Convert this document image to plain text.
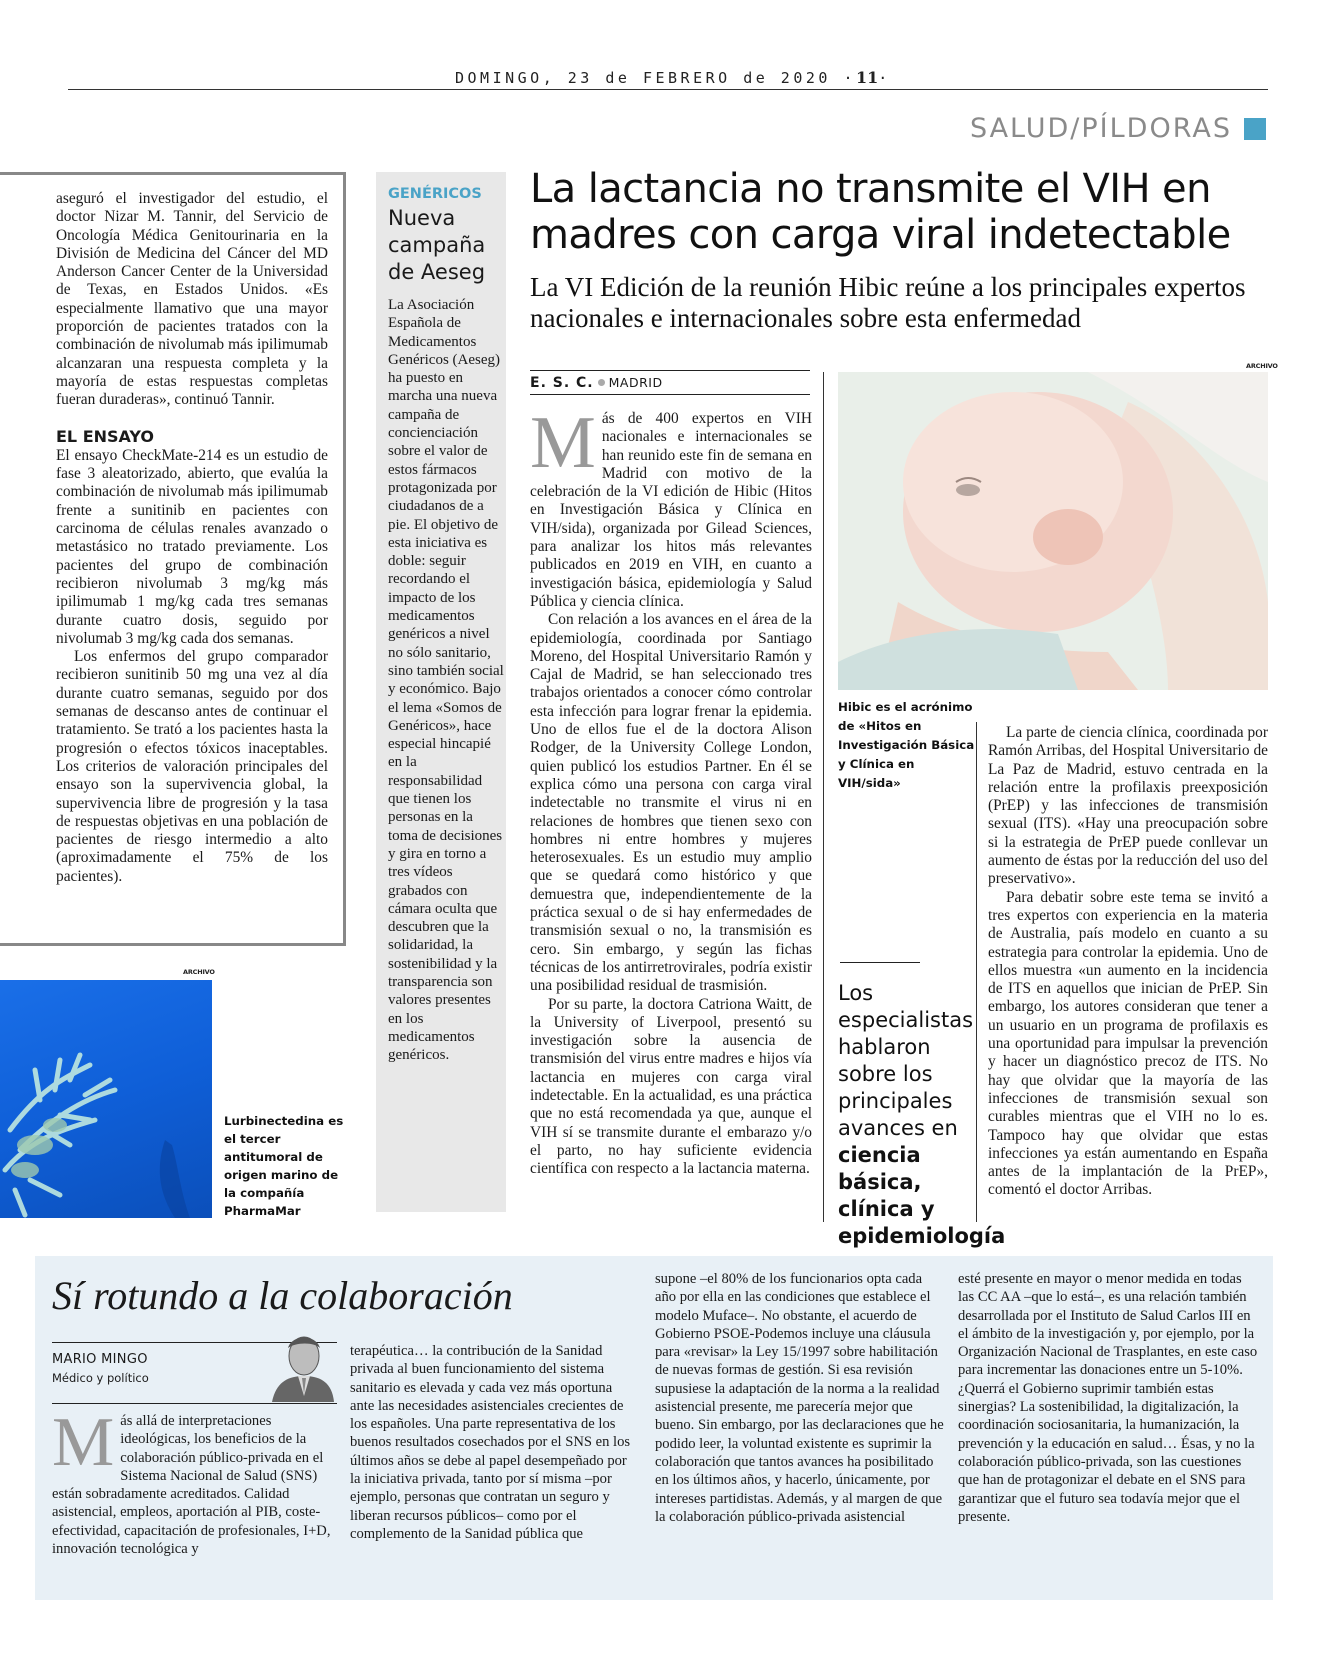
DOMINGO, 23 de FEBRERO de 2020 ·11·
SALUD/PÍLDORAS

aseguró el investigador del estudio, el doctor Nizar M. Tannir, del Servicio de Oncología Médica Genitourinaria en la División de Medicina del Cáncer del MD Anderson Cancer Center de la Universidad de Texas, en Estados Unidos. «Es especialmente llamativo que una mayor proporción de pacientes tratados con la combinación de nivolumab más ipilimumab alcanzaran una respuesta completa y la mayoría de estas respuestas completas fueran duraderas», continuó Tannir.

EL ENSAYO

El ensayo CheckMate-214 es un estudio de fase 3 aleatorizado, abierto, que evalúa la combinación de nivolumab más ipilimumab frente a sunitinib en pacientes con carcinoma de células renales avanzado o metastásico no tratado previamente. Los pacientes del grupo de combinación recibieron nivolumab 3 mg/kg más ipilimumab 1 mg/kg cada tres semanas durante cuatro dosis, seguido por nivolumab 3 mg/kg cada dos semanas.

Los enfermos del grupo comparador recibieron sunitinib 50 mg una vez al día durante cuatro semanas, seguido por dos semanas de descanso antes de continuar el tratamiento. Se trató a los pacientes hasta la progresión o efectos tóxicos inaceptables. Los criterios de valoración principales del ensayo son la supervivencia global, la supervivencia libre de progresión y la tasa de respuestas objetivas en una población de pacientes de riesgo intermedio a alto (aproximadamente el 75% de los pacientes).

ARCHIVO
Lurbinectedina es el tercer antitumoral de origen marino de la compañía PharmaMar
GENÉRICOS
Nueva campaña de Aeseg
La Asociación Española de Medicamentos Genéricos (Aeseg) ha puesto en marcha una nueva campaña de concienciación sobre el valor de estos fármacos protagonizada por ciudadanos de a pie. El objetivo de esta iniciativa es doble: seguir recordando el impacto de los medicamentos genéricos a nivel no sólo sanitario, sino también social y económico. Bajo el lema «Somos de Genéricos», hace especial hincapié en la responsabilidad que tienen los personas en la toma de decisiones y gira en torno a tres vídeos grabados con cámara oculta que descubren que la solidaridad, la sostenibilidad y la transparencia son valores presentes en los medicamentos genéricos.
La lactancia no transmite el VIH en madres con carga viral indetectable
La VI Edición de la reunión Hibic reúne a los principales expertos nacionales e internacionales sobre esta enfermedad
E. S. C. MADRID

Más de 400 expertos en VIH nacionales e internacionales se han reunido este fin de semana en Madrid con motivo de la celebración de la VI edición de Hibic (Hitos en Investigación Básica y Clínica en VIH/sida), organizada por Gilead Sciences, para analizar los hitos más relevantes publicados en 2019 en VIH, en cuanto a investigación básica, epidemiología y Salud Pública y ciencia clínica.

Con relación a los avances en el área de la epidemiología, coordinada por Santiago Moreno, del Hospital Universitario Ramón y Cajal de Madrid, se han seleccionado tres trabajos orientados a conocer cómo controlar esta infección para lograr frenar la epidemia. Uno de ellos fue el de la doctora Alison Rodger, de la University College London, quien publicó los estudios Partner. En él se explica cómo una persona con carga viral indetectable no transmite el virus ni en relaciones de hombres que tienen sexo con hombres ni entre hombres y mujeres heterosexuales. Es un estudio muy amplio que se quedará como histórico y que demuestra que, independientemente de la práctica sexual o de si hay enfermedades de transmisión sexual o no, la transmisión es cero. Sin embargo, y según las fichas técnicas de los antirretrovirales, podría existir una posibilidad residual de trasmisión.

Por su parte, la doctora Catriona Waitt, de la University of Liverpool, presentó su investigación sobre la ausencia de transmisión del virus entre madres e hijos vía lactancia en mujeres con carga viral indetectable. En la actualidad, es una práctica que no está recomendada ya que, aunque el VIH sí se transmite durante el embarazo y/o el parto, no hay suficiente evidencia científica con respecto a la lactancia materna.

ARCHIVO
Hibic es el acrónimo de «Hitos en Investigación Básica y Clínica en VIH/sida»
Los especialistas hablaron sobre los principales avances en ciencia básica, clínica y epidemiología

La parte de ciencia clínica, coordinada por Ramón Arribas, del Hospital Universitario de La Paz de Madrid, estuvo centrada en la relación entre la profilaxis preexposición (PrEP) y las infecciones de transmisión sexual (ITS). «Hay una preocupación sobre si la estrategia de PrEP puede conllevar un aumento de éstas por la reducción del uso del preservativo».

Para debatir sobre este tema se invitó a tres expertos con experiencia en la materia de Australia, país modelo en cuanto a su estrategia para controlar la epidemia. Uno de ellos muestra «un aumento en la incidencia de ITS en aquellos que inician de PrEP. Sin embargo, los autores consideran que tener a un usuario en un programa de profilaxis es una oportunidad para impulsar la prevención y hacer un diagnóstico precoz de ITS. No hay que olvidar que la mayoría de las infecciones de transmisión sexual son curables mientras que el VIH no lo es. Tampoco hay que olvidar que estas infecciones ya están aumentando en España antes de la implantación de la PrEP», comentó el doctor Arribas.

Sí rotundo a la colaboración
MARIO MINGO
Médico y político

Más allá de interpretaciones ideológicas, los beneficios de la colaboración público-privada en el Sistema Nacional de Salud (SNS) están sobradamente acreditados. Calidad asistencial, empleos, aportación al PIB, coste-efectividad, capacitación de profesionales, I+D, innovación tecnológica y

terapéutica… la contribución de la Sanidad privada al buen funcionamiento del sistema sanitario es elevada y cada vez más oportuna ante las necesidades asistenciales crecientes de los españoles. Una parte representativa de los buenos resultados cosechados por el SNS en los últimos años se debe al papel desempeñado por la iniciativa privada, tanto por sí misma –por ejemplo, personas que contratan un seguro y liberan recursos públicos– como por el complemento de la Sanidad pública que
supone –el 80% de los funcionarios opta cada año por ella en las condiciones que establece el modelo Muface–. No obstante, el acuerdo de Gobierno PSOE-Podemos incluye una cláusula para «revisar» la Ley 15/1997 sobre habilitación de nuevas formas de gestión. Si esa revisión supusiese la adaptación de la norma a la realidad asistencial presente, me parecería mejor que bueno. Sin embargo, por las declaraciones que he podido leer, la voluntad existente es suprimir la colaboración que tantos avances ha posibilitado en los últimos años, y hacerlo, únicamente, por intereses partidistas. Además, y al margen de que la colaboración público-privada asistencial
esté presente en mayor o menor medida en todas las CC AA –que lo está–, es una relación también desarrollada por el Instituto de Salud Carlos III en el ámbito de la investigación y, por ejemplo, por la Organización Nacional de Trasplantes, en este caso para incrementar las donaciones entre un 5-10%. ¿Querrá el Gobierno suprimir también estas sinergias? La sostenibilidad, la digitalización, la coordinación sociosanitaria, la humanización, la prevención y la educación en salud… Ésas, y no la colaboración público-privada, son las cuestiones que han de protagonizar el debate en el SNS para garantizar que el futuro sea todavía mejor que el presente.
